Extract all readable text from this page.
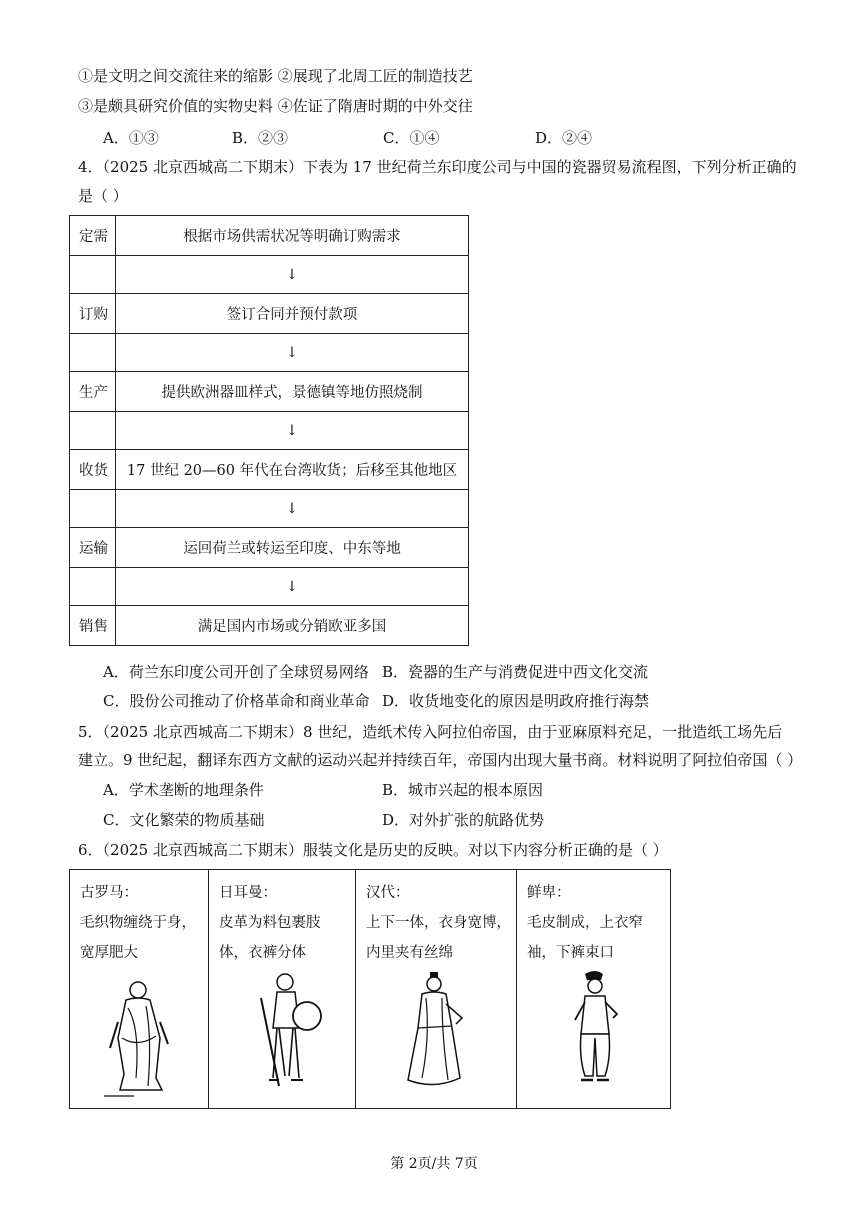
①是文明之间交流往来的缩影 ②展现了北周工匠的制造技艺
③是颇具研究价值的实物史料 ④佐证了隋唐时期的中外交往
A．①③	B．②③	C．①④	D．②④
4．（2025 北京西城高二下期末）下表为 17 世纪荷兰东印度公司与中国的瓷器贸易流程图，下列分析正确的
是（ ）
定需	根据市场供需状况等明确订购需求
	↓
订购	签订合同并预付款项
	↓
生产	提供欧洲器皿样式，景德镇等地仿照烧制
	↓
收货	17 世纪 20—60 年代在台湾收货；后移至其他地区
	↓
运输	运回荷兰或转运至印度、中东等地
	↓
销售	满足国内市场或分销欧亚多国
A．荷兰东印度公司开创了全球贸易网络 B．瓷器的生产与消费促进中西文化交流
C．股份公司推动了价格革命和商业革命 D．收货地变化的原因是明政府推行海禁
5．（2025 北京西城高二下期末）8 世纪，造纸术传入阿拉伯帝国，由于亚麻原料充足，一批造纸工场先后
建立。9 世纪起，翻译东西方文献的运动兴起并持续百年，帝国内出现大量书商。材料说明了阿拉伯帝国（ ）
A．学术垄断的地理条件	B．城市兴起的根本原因
C．文化繁荣的物质基础	D．对外扩张的航路优势
6．（2025 北京西城高二下期末）服装文化是历史的反映。对以下内容分析正确的是（ ）
古罗马：
毛织物缠绕于身，
宽厚肥大

日耳曼：
皮革为料包裹肢
体，衣裤分体

汉代：
上下一体，衣身宽博，
内里夹有丝绵

鲜卑：
毛皮制成，上衣窄
袖，下裤束口
第 2页/共 7页
